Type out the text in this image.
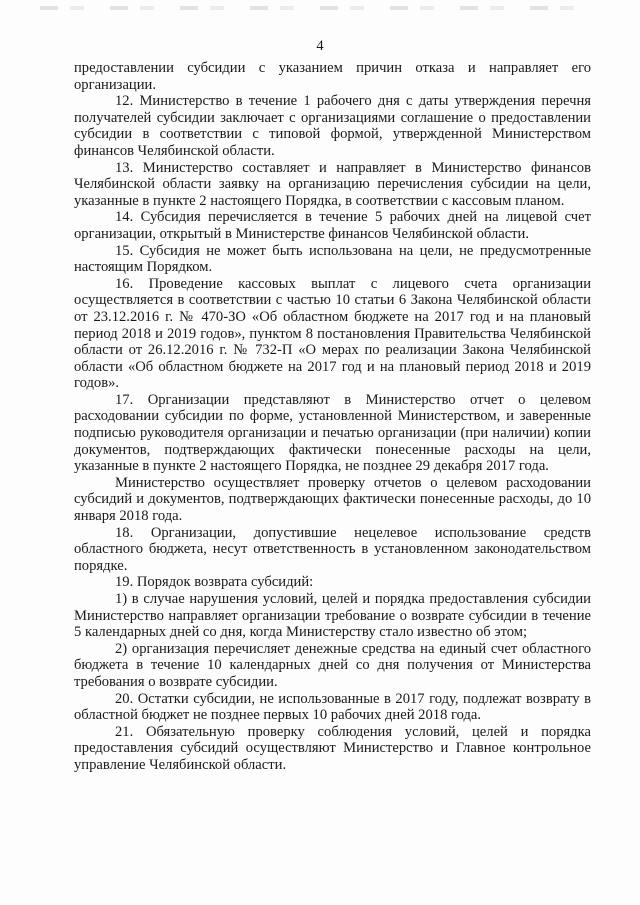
4

предоставлении субсидии с указанием причин отказа и направляет его организации.

12. Министерство в течение 1 рабочего дня с даты утверждения перечня получателей субсидии заключает с организациями соглашение о предоставлении субсидии в соответствии с типовой формой, утвержденной Министерством финансов Челябинской области.

13. Министерство составляет и направляет в Министерство финансов Челябинской области заявку на организацию перечисления субсидии на цели, указанные в пункте 2 настоящего Порядка, в соответствии с кассовым планом.

14. Субсидия перечисляется в течение 5 рабочих дней на лицевой счет организации, открытый в Министерстве финансов Челябинской области.

15. Субсидия не может быть использована на цели, не предусмотренные настоящим Порядком.

16. Проведение кассовых выплат с лицевого счета организации осуществляется в соответствии с частью 10 статьи 6 Закона Челябинской области от 23.12.2016 г. № 470-ЗО «Об областном бюджете на 2017 год и на плановый период 2018 и 2019 годов», пунктом 8 постановления Правительства Челябинской области от 26.12.2016 г. № 732-П «О мерах по реализации Закона Челябинской области «Об областном бюджете на 2017 год и на плановый период 2018 и 2019 годов».

17. Организации представляют в Министерство отчет о целевом расходовании субсидии по форме, установленной Министерством, и заверенные подписью руководителя организации и печатью организации (при наличии) копии документов, подтверждающих фактически понесенные расходы на цели, указанные в пункте 2 настоящего Порядка, не позднее 29 декабря 2017 года.

Министерство осуществляет проверку отчетов о целевом расходовании субсидий и документов, подтверждающих фактически понесенные расходы, до 10 января 2018 года.

18. Организации, допустившие нецелевое использование средств областного бюджета, несут ответственность в установленном законодательством порядке.

19. Порядок возврата субсидий:

1) в случае нарушения условий, целей и порядка предоставления субсидии Министерство направляет организации требование о возврате субсидии в течение 5 календарных дней со дня, когда Министерству стало известно об этом;

2) организация перечисляет денежные средства на единый счет областного бюджета в течение 10 календарных дней со дня получения от Министерства требования о возврате субсидии.

20. Остатки субсидии, не использованные в 2017 году, подлежат возврату в областной бюджет не позднее первых 10 рабочих дней 2018 года.

21. Обязательную проверку соблюдения условий, целей и порядка предоставления субсидий осуществляют Министерство и Главное контрольное управление Челябинской области.
